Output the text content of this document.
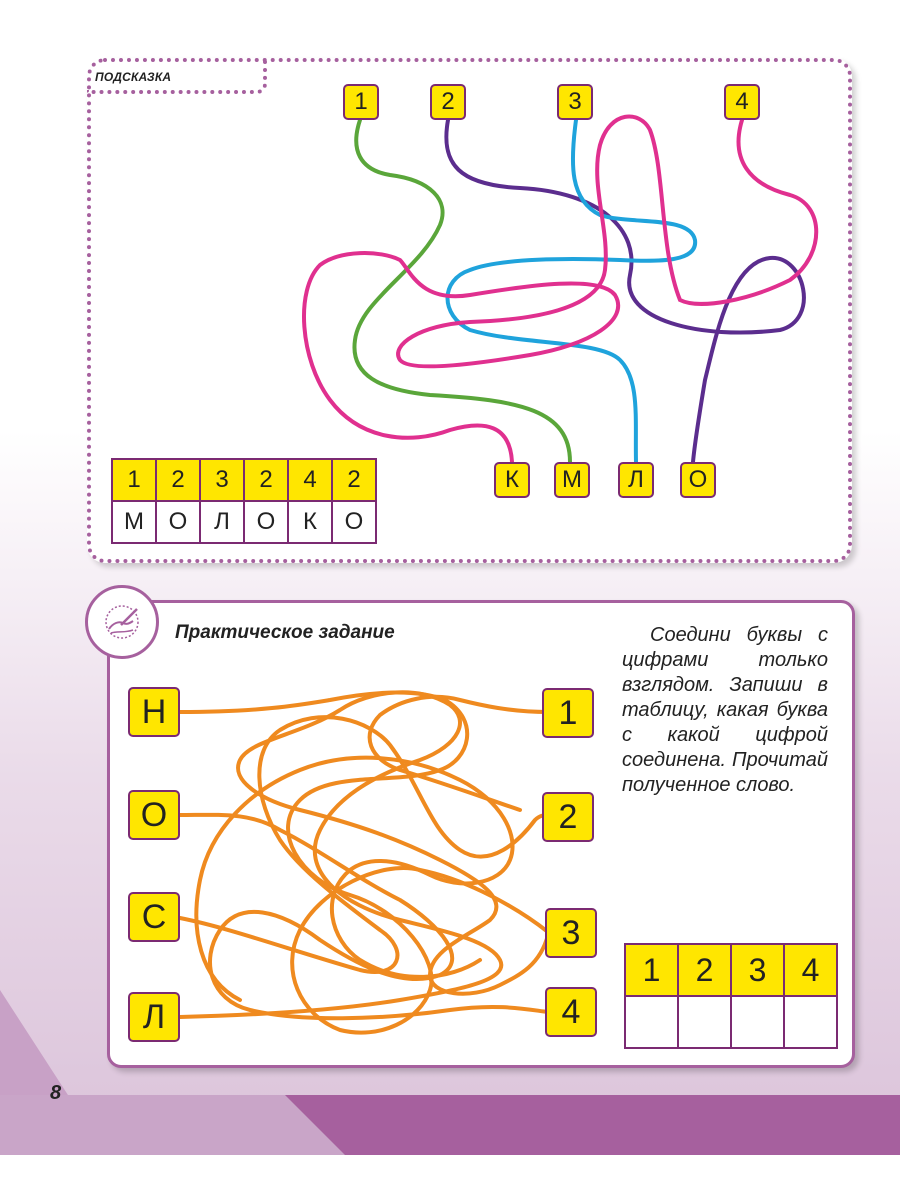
8
ПОДСКАЗКА
1	2	3	4
К	М	Л	О
1	2	3	2	4	2
М	О	Л	О	К	О
Практическое задание	Соедини буквы с цифрами только взглядом. Запиши в таблицу, какая буква с какой цифрой соединена. Прочитай полученное слово.
Н
О
С
Л
1
2
3
4
1	2	3	4
